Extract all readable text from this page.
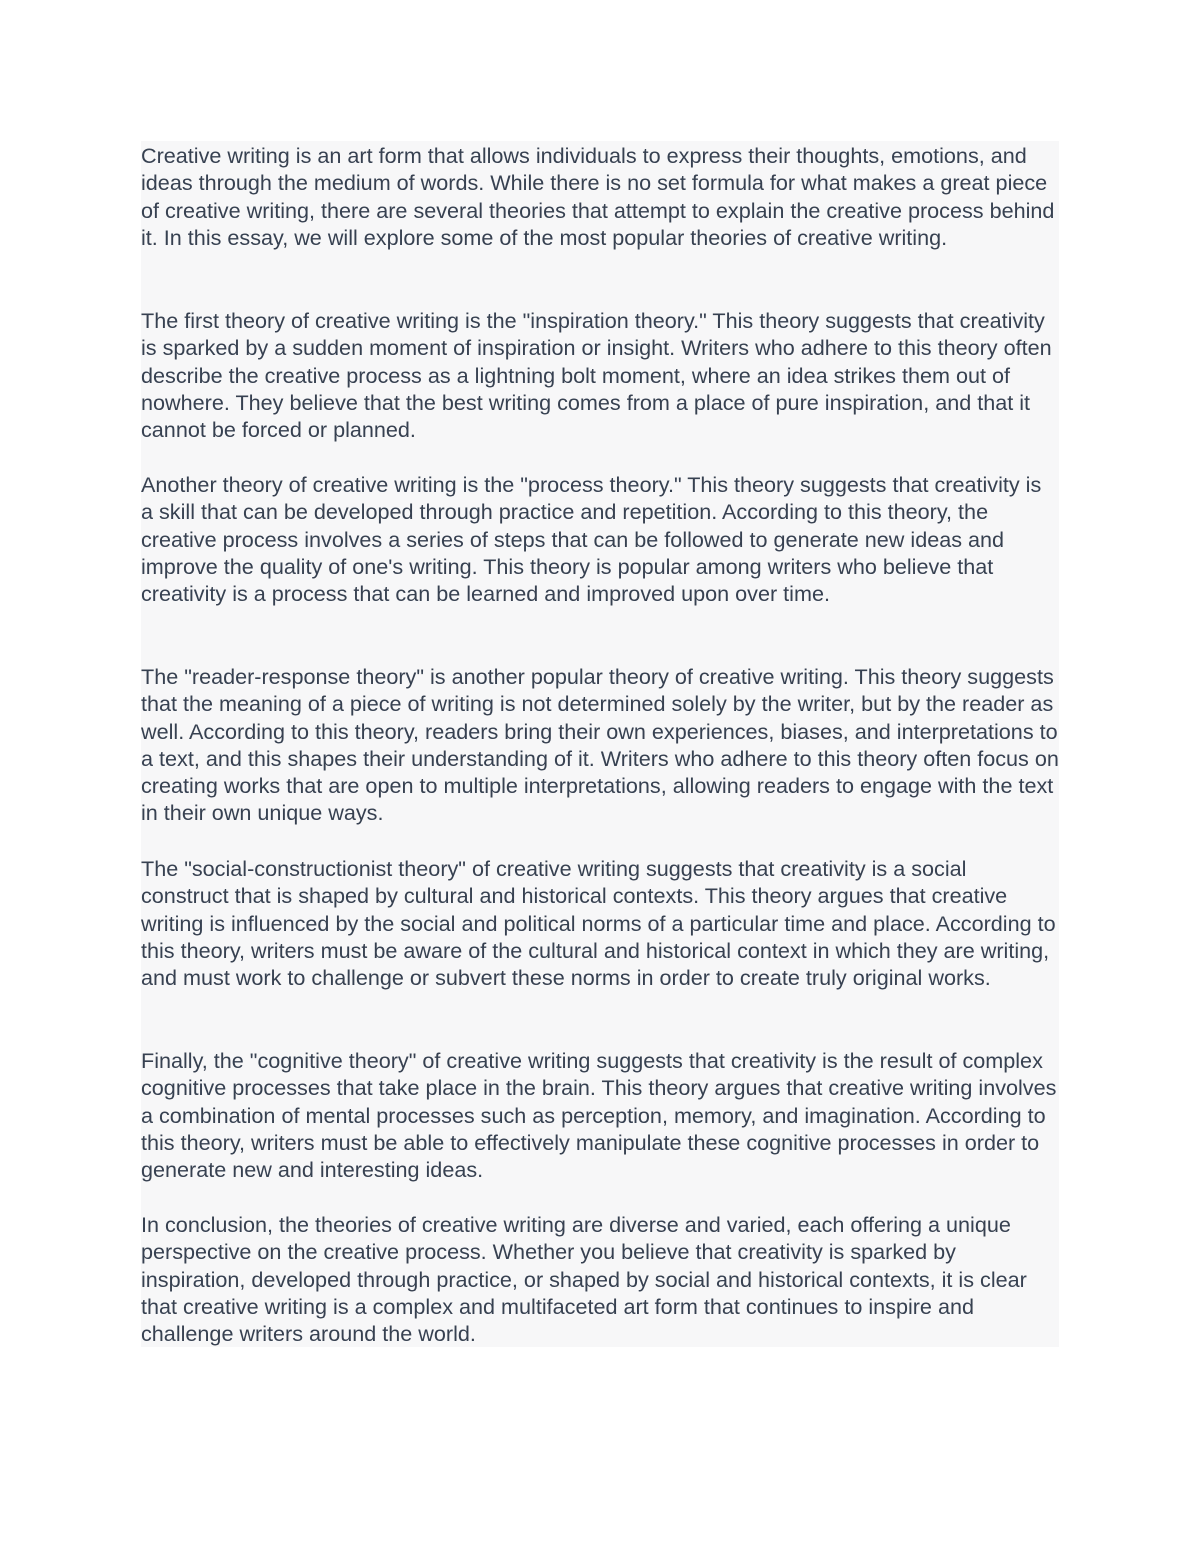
Creative writing is an art form that allows individuals to express their thoughts, emotions, and ideas through the medium of words. While there is no set formula for what makes a great piece of creative writing, there are several theories that attempt to explain the creative process behind it. In this essay, we will explore some of the most popular theories of creative writing.

The first theory of creative writing is the "inspiration theory." This theory suggests that creativity is sparked by a sudden moment of inspiration or insight. Writers who adhere to this theory often describe the creative process as a lightning bolt moment, where an idea strikes them out of nowhere. They believe that the best writing comes from a place of pure inspiration, and that it cannot be forced or planned.

Another theory of creative writing is the "process theory." This theory suggests that creativity is a skill that can be developed through practice and repetition. According to this theory, the creative process involves a series of steps that can be followed to generate new ideas and improve the quality of one's writing. This theory is popular among writers who believe that creativity is a process that can be learned and improved upon over time.

The "reader-response theory" is another popular theory of creative writing. This theory suggests that the meaning of a piece of writing is not determined solely by the writer, but by the reader as well. According to this theory, readers bring their own experiences, biases, and interpretations to a text, and this shapes their understanding of it. Writers who adhere to this theory often focus on creating works that are open to multiple interpretations, allowing readers to engage with the text in their own unique ways.

The "social-constructionist theory" of creative writing suggests that creativity is a social construct that is shaped by cultural and historical contexts. This theory argues that creative writing is influenced by the social and political norms of a particular time and place. According to this theory, writers must be aware of the cultural and historical context in which they are writing, and must work to challenge or subvert these norms in order to create truly original works.

Finally, the "cognitive theory" of creative writing suggests that creativity is the result of complex cognitive processes that take place in the brain. This theory argues that creative writing involves a combination of mental processes such as perception, memory, and imagination. According to this theory, writers must be able to effectively manipulate these cognitive processes in order to generate new and interesting ideas.

In conclusion, the theories of creative writing are diverse and varied, each offering a unique perspective on the creative process. Whether you believe that creativity is sparked by inspiration, developed through practice, or shaped by social and historical contexts, it is clear that creative writing is a complex and multifaceted art form that continues to inspire and challenge writers around the world.
